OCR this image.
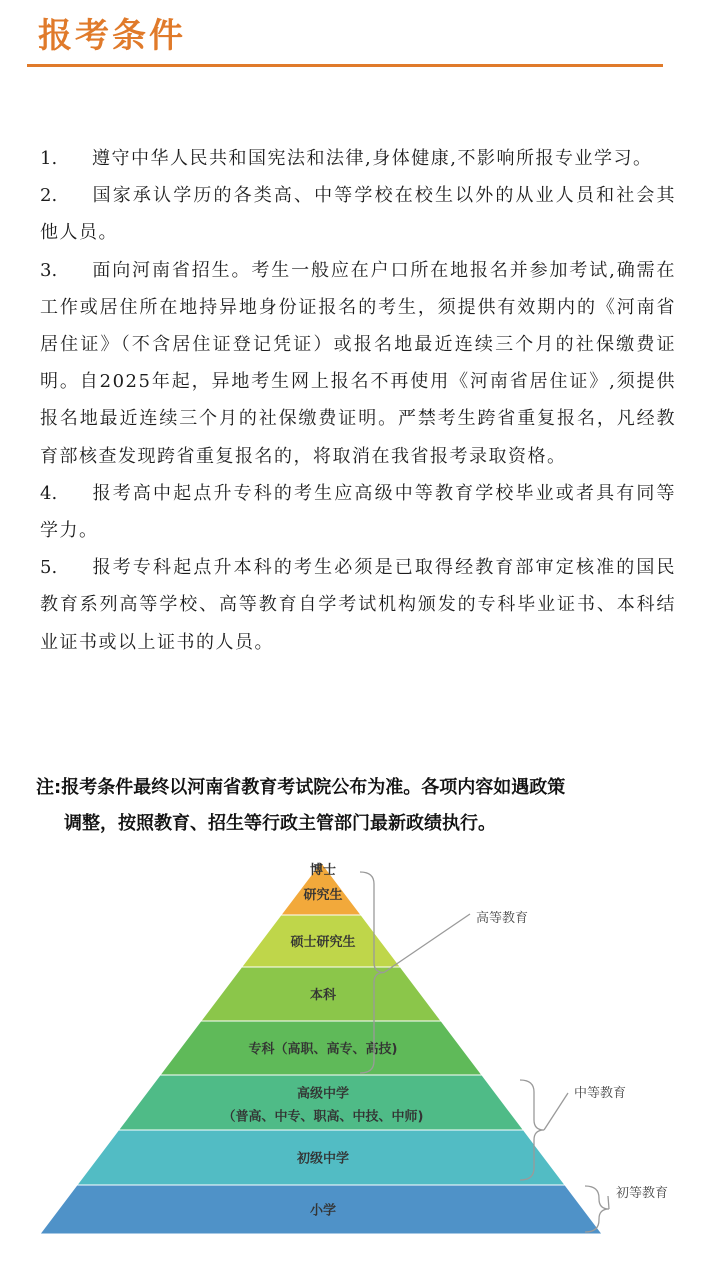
报考条件
1. 遵守中华人民共和国宪法和法律,身体健康,不影响所报专业学习。
2. 国家承认学历的各类高、中等学校在校生以外的从业人员和社会其他人员。
3. 面向河南省招生。考生一般应在户口所在地报名并参加考试,确需在工作或居住所在地持异地身份证报名的考生，须提供有效期内的《河南省居住证》（不含居住证登记凭证）或报名地最近连续三个月的社保缴费证明。自2025年起，异地考生网上报名不再使用《河南省居住证》,须提供报名地最近连续三个月的社保缴费证明。严禁考生跨省重复报名，凡经教育部核查发现跨省重复报名的，将取消在我省报考录取资格。
4. 报考高中起点升专科的考生应高级中等教育学校毕业或者具有同等学力。
5. 报考专科起点升本科的考生必须是已取得经教育部审定核准的国民教育系列高等学校、高等教育自学考试机构颁发的专科毕业证书、本科结业证书或以上证书的人员。
注:报考条件最终以河南省教育考试院公布为准。各项内容如遇政策
调整，按照教育、招生等行政主管部门最新政绩执行。
博士
研究生
硕士研究生
本科
专科（高职、高专、高技)
高级中学
（普高、中专、职高、中技、中师)
初级中学
小学
高等教育
中等教育
初等教育
